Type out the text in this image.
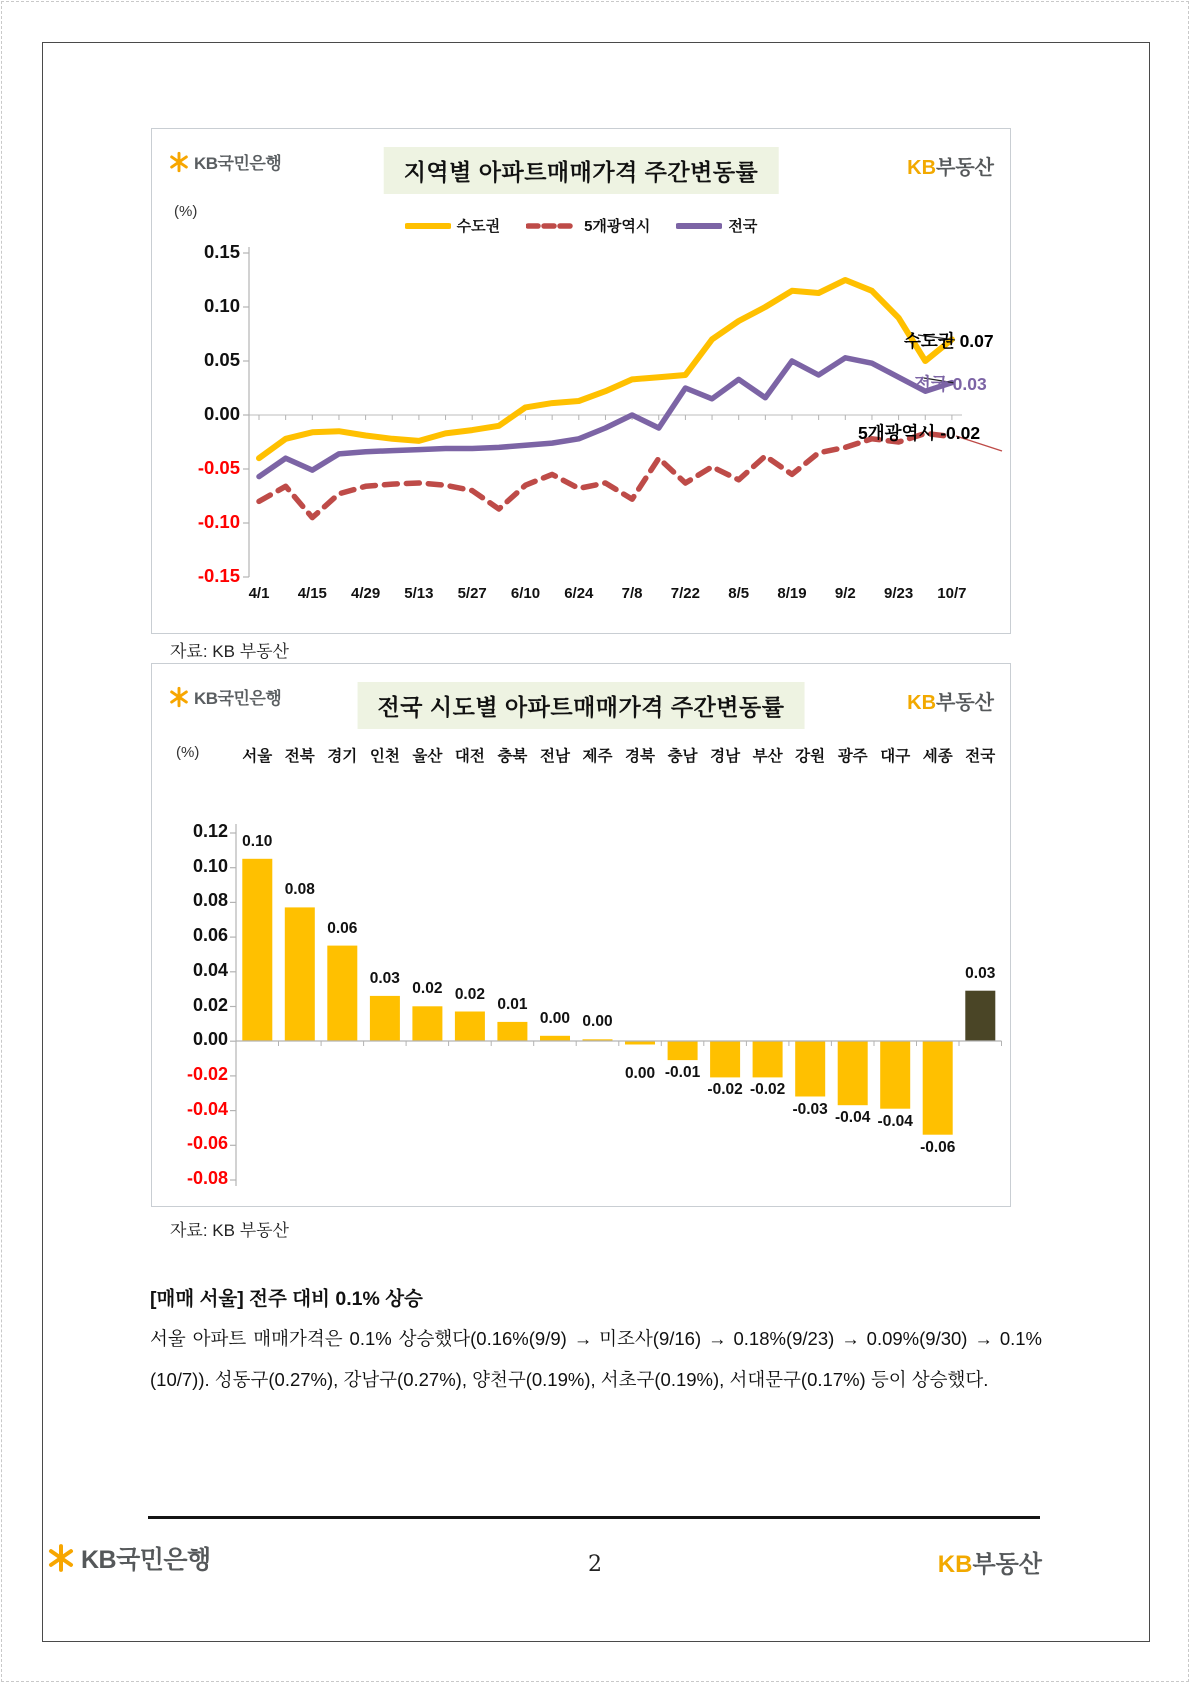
KB국민은행	지역별 아파트매매가격 주간변동률	KB부동산
(%)
수도권	5개광역시	전국
수도권 0.07
전국 0.03
5개광역시 -0.02
0.15
0.10
0.05
0.00
-0.05
-0.10
-0.15
4/1	4/15	4/29	5/13	5/27	6/10	6/24	7/8	7/22	8/5	8/19	9/2	9/23	10/7
자료: KB 부동산
KB국민은행	전국 시도별 아파트매매가격 주간변동률	KB부동산
(%)
0.12
0.10
0.08
0.06
0.04
0.02
0.00
-0.02
-0.04
-0.06
-0.08
서울
0.10
전북
0.08
경기
0.06
인천
0.03
울산
0.02
대전
0.02
충북
0.01
전남
0.00
제주
0.00
경북
0.00
충남
-0.01
경남
-0.02
부산
-0.02
강원
-0.03
광주
-0.04
대구
-0.04
세종
-0.06
전국
0.03
자료: KB 부동산
[매매 서울] 전주 대비 0.1% 상승
서울 아파트 매매가격은 0.1% 상승했다(0.16%(9/9) → 미조사(9/16) → 0.18%(9/23) → 0.09%(9/30) → 0.1%(10/7)). 성동구(0.27%), 강남구(0.27%), 양천구(0.19%), 서초구(0.19%), 서대문구(0.17%) 등이 상승했다.
KB국민은행	2	KB부동산
